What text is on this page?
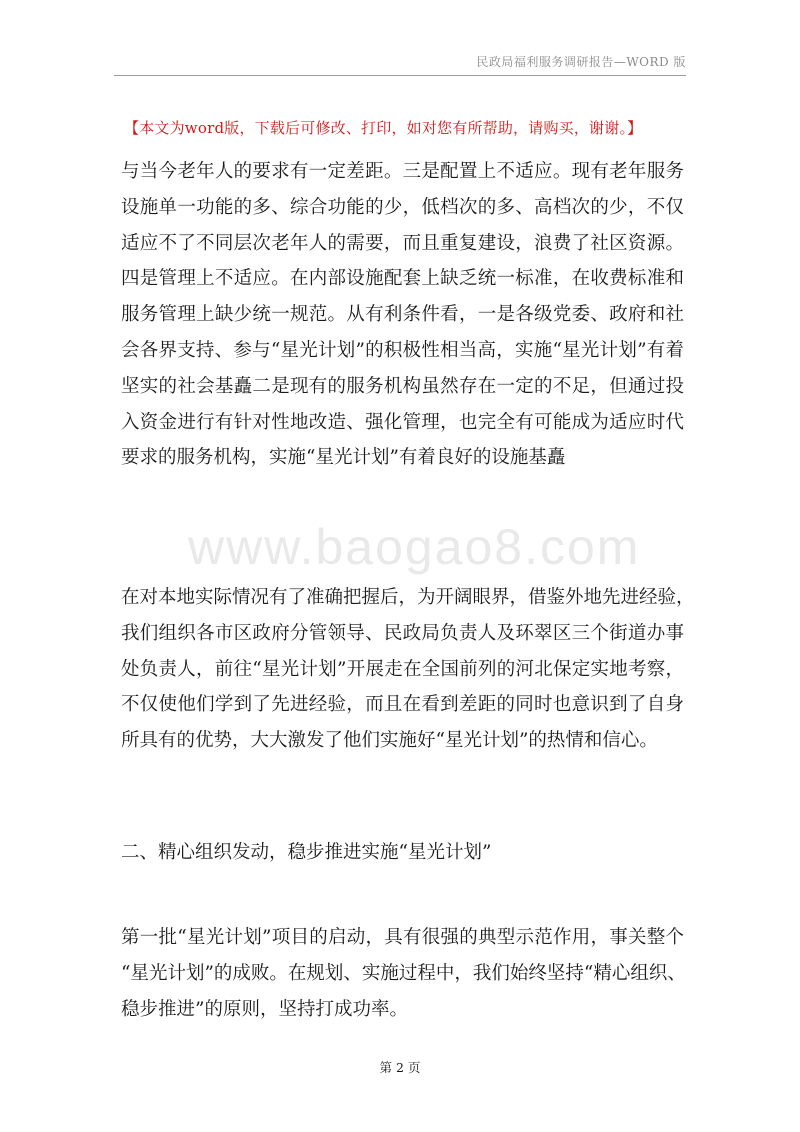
民政局福利服务调研报告—WORD 版
【本文为word版，下载后可修改、打印，如对您有所帮助，请购买，谢谢。】
与当今老年人的要求有一定差距。三是配置上不适应。现有老年服务
设施单一功能的多、综合功能的少，低档次的多、高档次的少，不仅
适应不了不同层次老年人的需要，而且重复建设，浪费了社区资源。
四是管理上不适应。在内部设施配套上缺乏统一标准，在收费标准和
服务管理上缺少统一规范。从有利条件看，一是各级党委、政府和社
会各界支持、参与“星光计划”的积极性相当高，实施“星光计划”有着
坚实的社会基矗二是现有的服务机构虽然存在一定的不足，但通过投
入资金进行有针对性地改造、强化管理，也完全有可能成为适应时代
要求的服务机构，实施“星光计划”有着良好的设施基矗
www.baogao8.com
在对本地实际情况有了准确把握后，为开阔眼界，借鉴外地先进经验，
我们组织各市区政府分管领导、民政局负责人及环翠区三个街道办事
处负责人，前往“星光计划”开展走在全国前列的河北保定实地考察，
不仅使他们学到了先进经验，而且在看到差距的同时也意识到了自身
所具有的优势，大大激发了他们实施好“星光计划”的热情和信心。
二、精心组织发动，稳步推进实施“星光计划”
第一批“星光计划”项目的启动，具有很强的典型示范作用，事关整个
“星光计划”的成败。在规划、实施过程中，我们始终坚持“精心组织、
稳步推进”的原则，坚持打成功率。
第 2 页
